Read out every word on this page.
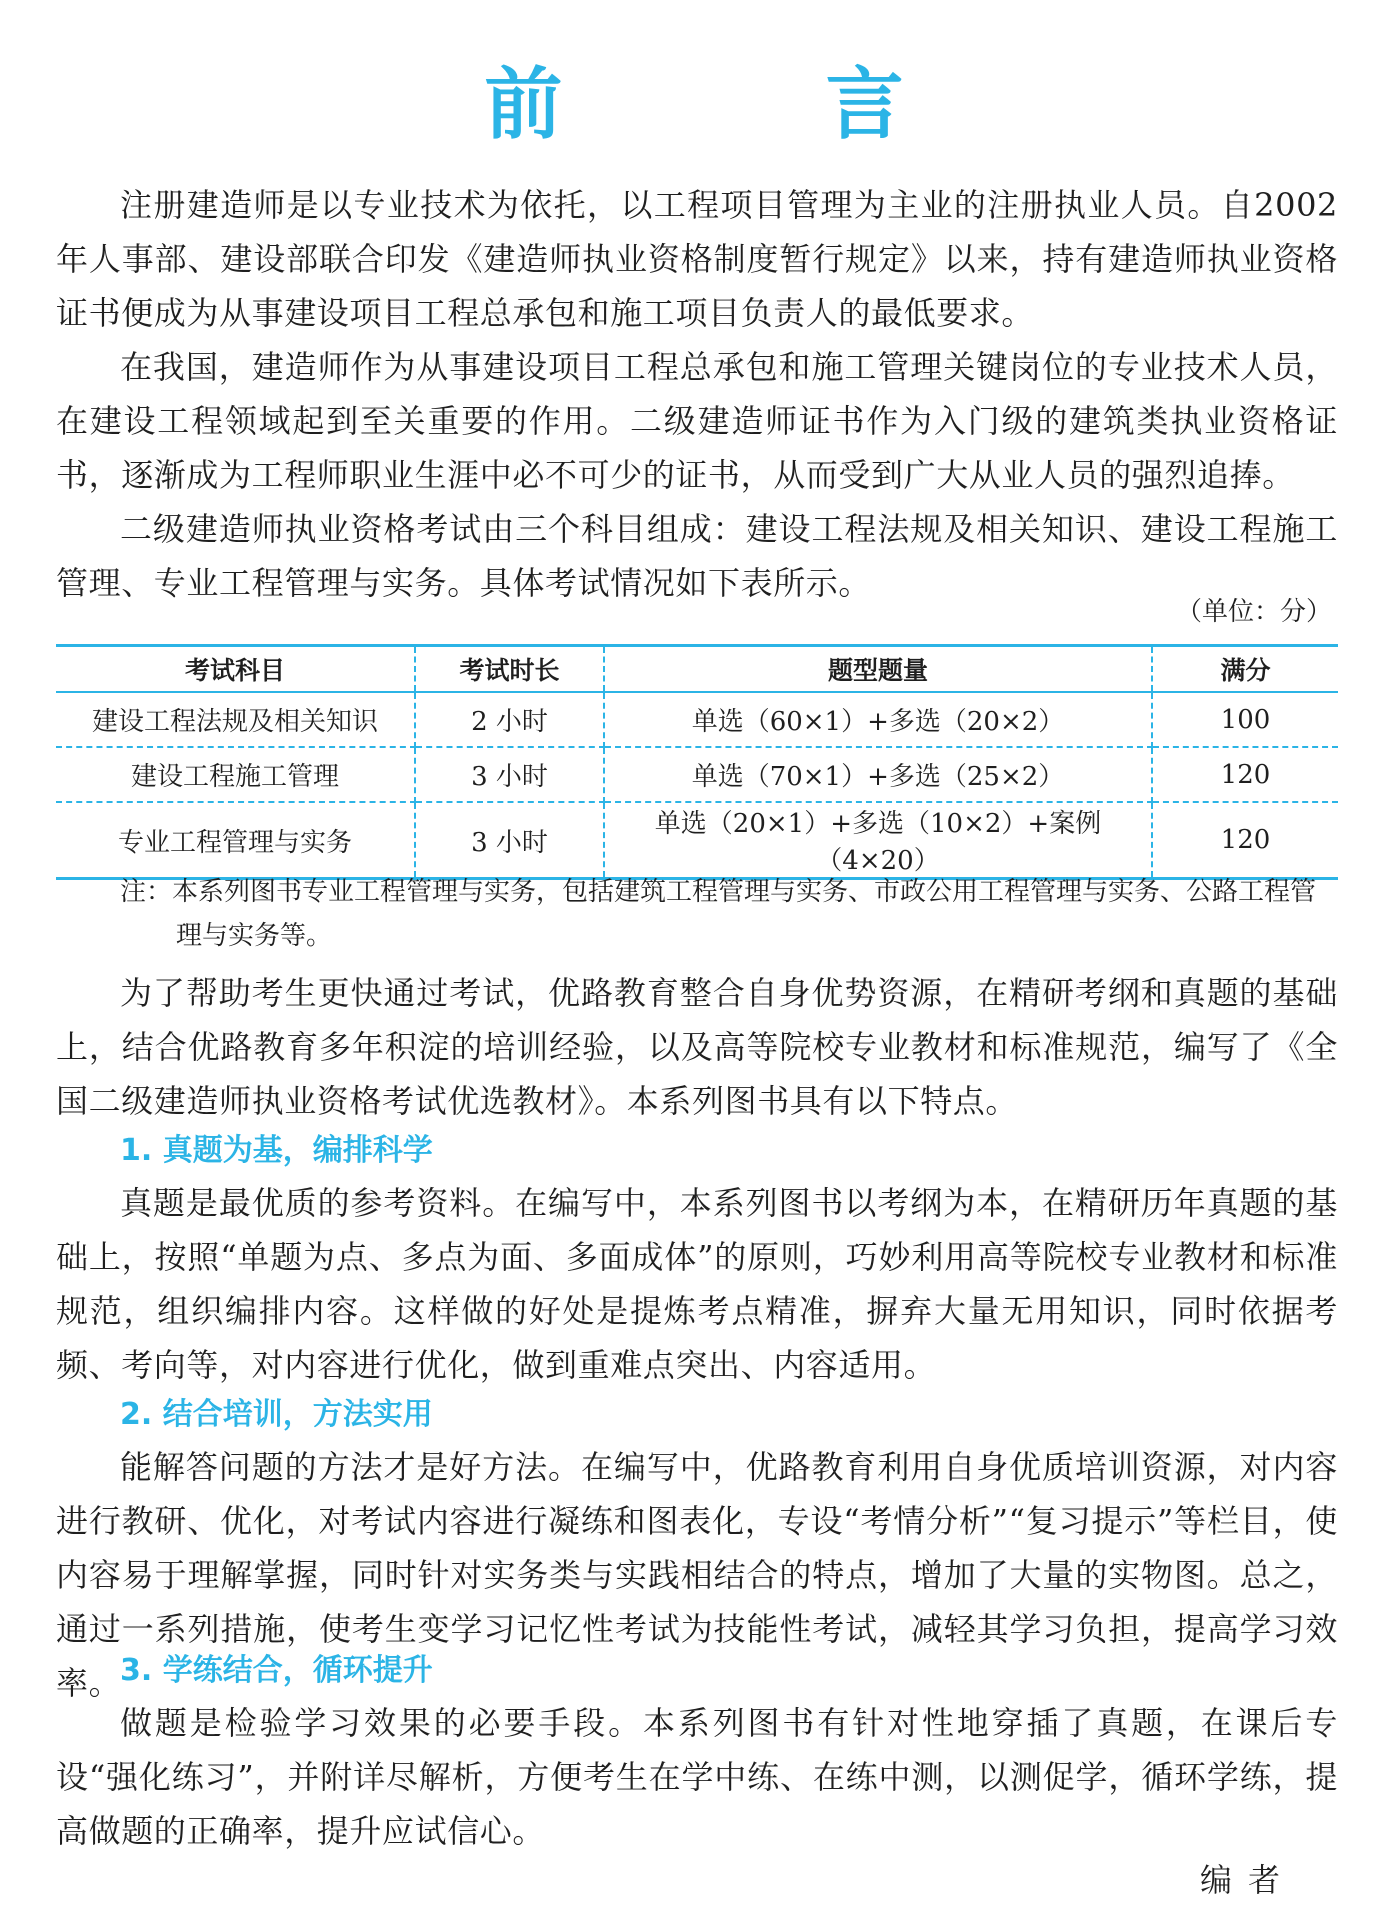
前 言

注册建造师是以专业技术为依托，以工程项目管理为主业的注册执业人员。自2002年人事部、建设部联合印发《建造师执业资格制度暂行规定》以来，持有建造师执业资格证书便成为从事建设项目工程总承包和施工项目负责人的最低要求。

在我国，建造师作为从事建设项目工程总承包和施工管理关键岗位的专业技术人员，在建设工程领域起到至关重要的作用。二级建造师证书作为入门级的建筑类执业资格证书，逐渐成为工程师职业生涯中必不可少的证书，从而受到广大从业人员的强烈追捧。

二级建造师执业资格考试由三个科目组成：建设工程法规及相关知识、建设工程施工管理、专业工程管理与实务。具体考试情况如下表所示。

（单位：分）
考试科目	考试时长	题型题量	满分
建设工程法规及相关知识	2 小时	单选（60×1）+多选（20×2）	100
建设工程施工管理	3 小时	单选（70×1）+多选（25×2）	120
专业工程管理与实务	3 小时	单选（20×1）+多选（10×2）+案例（4×20）	120
注：本系列图书专业工程管理与实务，包括建筑工程管理与实务、市政公用工程管理与实务、公路工程管理与实务等。

为了帮助考生更快通过考试，优路教育整合自身优势资源，在精研考纲和真题的基础上，结合优路教育多年积淀的培训经验，以及高等院校专业教材和标准规范，编写了《全国二级建造师执业资格考试优选教材》。本系列图书具有以下特点。

1. 真题为基，编排科学

真题是最优质的参考资料。在编写中，本系列图书以考纲为本，在精研历年真题的基础上，按照“单题为点、多点为面、多面成体”的原则，巧妙利用高等院校专业教材和标准规范，组织编排内容。这样做的好处是提炼考点精准，摒弃大量无用知识，同时依据考频、考向等，对内容进行优化，做到重难点突出、内容适用。

2. 结合培训，方法实用

能解答问题的方法才是好方法。在编写中，优路教育利用自身优质培训资源，对内容进行教研、优化，对考试内容进行凝练和图表化，专设“考情分析”“复习提示”等栏目，使内容易于理解掌握，同时针对实务类与实践相结合的特点，增加了大量的实物图。总之，通过一系列措施，使考生变学习记忆性考试为技能性考试，减轻其学习负担，提高学习效率。

3. 学练结合，循环提升

做题是检验学习效果的必要手段。本系列图书有针对性地穿插了真题，在课后专设“强化练习”，并附详尽解析，方便考生在学中练、在练中测，以测促学，循环学练，提高做题的正确率，提升应试信心。

编者
